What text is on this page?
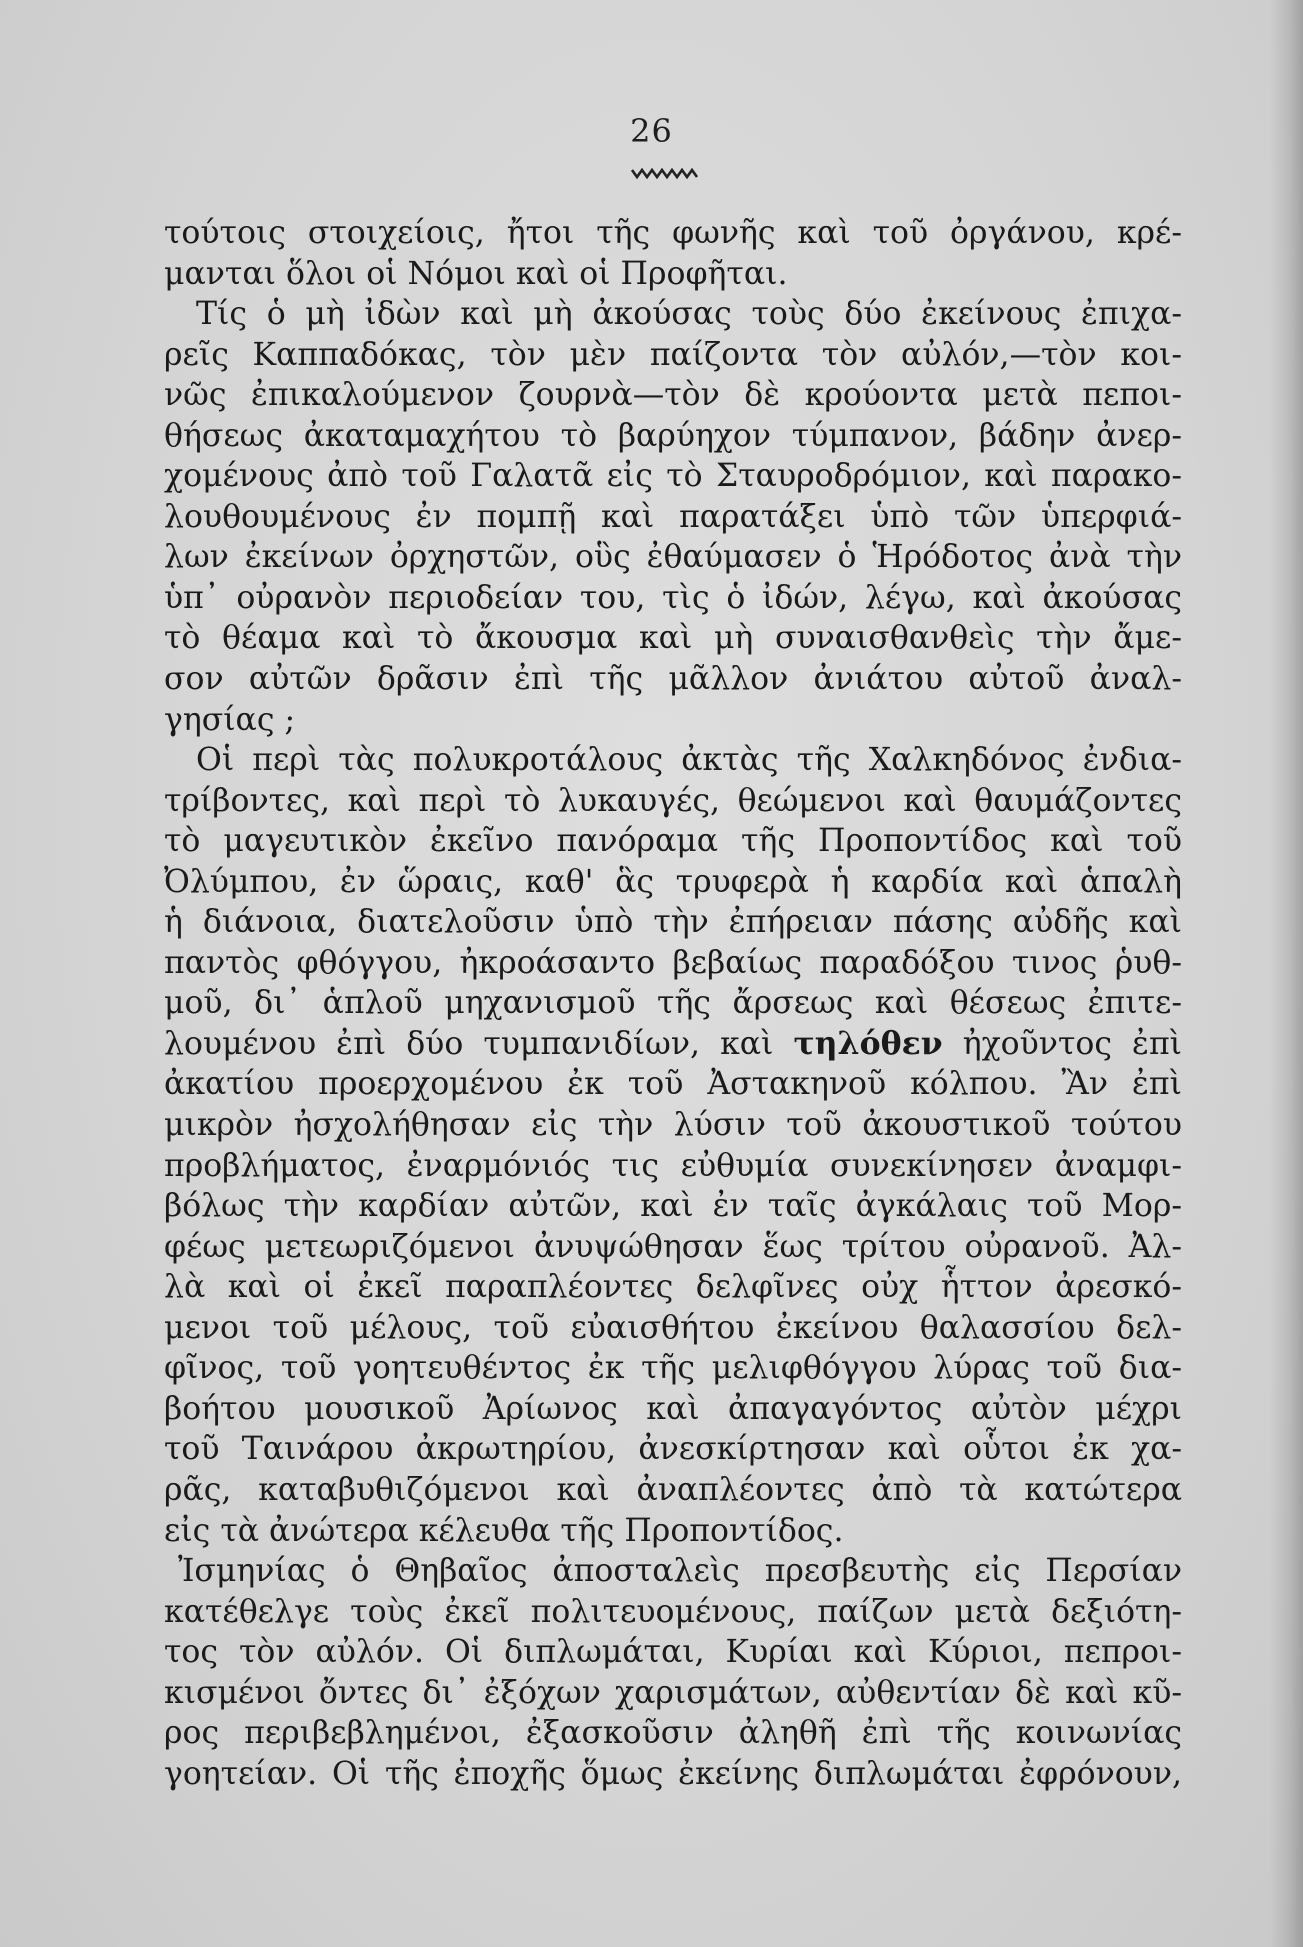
26
τούτοις στοιχείοις, ἤτοι τῆς φωνῆς καὶ τοῦ ὀργάνου, κρέ-
μανται ὅλοι οἱ Νόμοι καὶ οἱ Προφῆται.
Τίς ὁ μὴ ἰδὼν καὶ μὴ ἀκούσας τοὺς δύο ἐκείνους ἐπιχα-
ρεῖς Καππαδόκας, τὸν μὲν παίζοντα τὸν αὐλόν,—τὸν κοι-
νῶς ἐπικαλούμενον ζουρνὰ—τὸν δὲ κρούοντα μετὰ πεποι-
θήσεως ἀκαταμαχήτου τὸ βαρύηχον τύμπανον, βάδην ἀνερ-
χομένους ἀπὸ τοῦ Γαλατᾶ εἰς τὸ Σταυροδρόμιον, καὶ παρακο-
λουθουμένους ἐν πομπῇ καὶ παρατάξει ὑπὸ τῶν ὑπερφιά-
λων ἐκείνων ὀρχηστῶν, οὓς ἐθαύμασεν ὁ Ἡρόδοτος ἀνὰ τὴν
ὑπ᾽ οὐρανὸν περιοδείαν του, τὶς ὁ ἰδών, λέγω, καὶ ἀκούσας
τὸ θέαμα καὶ τὸ ἄκουσμα καὶ μὴ συναισθανθεὶς τὴν ἄμε-
σον αὐτῶν δρᾶσιν ἐπὶ τῆς μᾶλλον ἀνιάτου αὐτοῦ ἀναλ-
γησίας ;
Οἱ περὶ τὰς πολυκροτάλους ἀκτὰς τῆς Χαλκηδόνος ἐνδια-
τρίβοντες, καὶ περὶ τὸ λυκαυγές, θεώμενοι καὶ θαυμάζοντες
τὸ μαγευτικὸν ἐκεῖνο πανόραμα τῆς Προποντίδος καὶ τοῦ
Ὀλύμπου, ἐν ὥραις, καθ' ἃς τρυφερὰ ἡ καρδία καὶ ἁπαλὴ
ἡ διάνοια, διατελοῦσιν ὑπὸ τὴν ἐπήρειαν πάσης αὐδῆς καὶ
παντὸς φθόγγου, ἠκροάσαντο βεβαίως παραδόξου τινος ῥυθ-
μοῦ, δι᾽ ἁπλοῦ μηχανισμοῦ τῆς ἄρσεως καὶ θέσεως ἐπιτε-
λουμένου ἐπὶ δύο τυμπανιδίων, καὶ τηλόθεν ἠχοῦντος ἐπὶ
ἀκατίου προερχομένου ἐκ τοῦ Ἀστακηνοῦ κόλπου. Ἂν ἐπὶ
μικρὸν ἠσχολήθησαν εἰς τὴν λύσιν τοῦ ἀκουστικοῦ τούτου
προβλήματος, ἐναρμόνιός τις εὐθυμία συνεκίνησεν ἀναμφι-
βόλως τὴν καρδίαν αὐτῶν, καὶ ἐν ταῖς ἀγκάλαις τοῦ Μορ-
φέως μετεωριζόμενοι ἀνυψώθησαν ἕως τρίτου οὐρανοῦ. Ἀλ-
λὰ καὶ οἱ ἐκεῖ παραπλέοντες δελφῖνες οὐχ ἧττον ἀρεσκό-
μενοι τοῦ μέλους, τοῦ εὐαισθήτου ἐκείνου θαλασσίου δελ-
φῖνος, τοῦ γοητευθέντος ἐκ τῆς μελιφθόγγου λύρας τοῦ δια-
βοήτου μουσικοῦ Ἀρίωνος καὶ ἀπαγαγόντος αὐτὸν μέχρι
τοῦ Ταινάρου ἀκρωτηρίου, ἀνεσκίρτησαν καὶ οὗτοι ἐκ χα-
ρᾶς, καταβυθιζόμενοι καὶ ἀναπλέοντες ἀπὸ τὰ κατώτερα
εἰς τὰ ἀνώτερα κέλευθα τῆς Προποντίδος.
Ἰσμηνίας ὁ Θηβαῖος ἀποσταλεὶς πρεσβευτὴς εἰς Περσίαν
κατέθελγε τοὺς ἐκεῖ πολιτευομένους, παίζων μετὰ δεξιότη-
τος τὸν αὐλόν. Οἱ διπλωμάται, Κυρίαι καὶ Κύριοι, πεπροι-
κισμένοι ὄντες δι᾽ ἐξόχων χαρισμάτων, αὐθεντίαν δὲ καὶ κῦ-
ρος περιβεβλημένοι, ἐξασκοῦσιν ἀληθῆ ἐπὶ τῆς κοινωνίας
γοητείαν. Οἱ τῆς ἐποχῆς ὅμως ἐκείνης διπλωμάται ἐφρόνουν,
